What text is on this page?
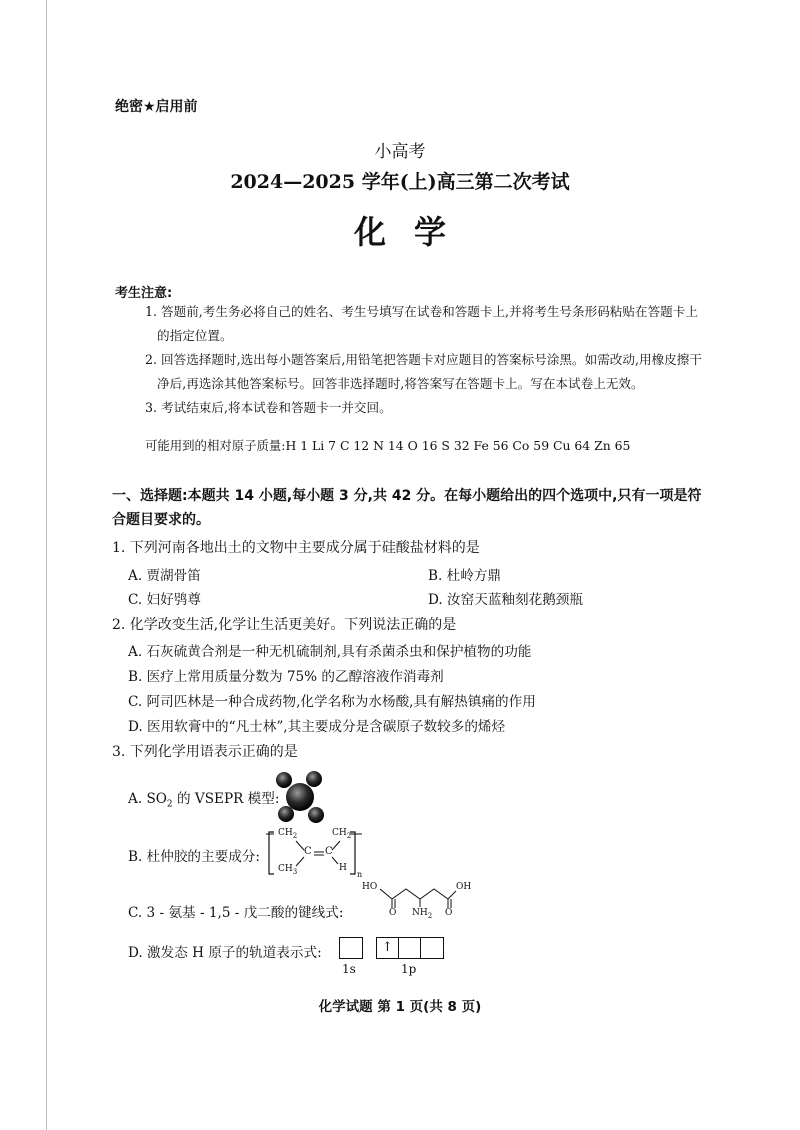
绝密★启用前
小高考
2024—2025 学年(上)高三第二次考试
化学
考生注意:
1. 答题前,考生务必将自己的姓名、考生号填写在试卷和答题卡上,并将考生号条形码粘贴在答题卡上的指定位置。
2. 回答选择题时,选出每小题答案后,用铅笔把答题卡对应题目的答案标号涂黑。如需改动,用橡皮擦干净后,再选涂其他答案标号。回答非选择题时,将答案写在答题卡上。写在本试卷上无效。
3. 考试结束后,将本试卷和答题卡一并交回。
可能用到的相对原子质量:H 1 Li 7 C 12 N 14 O 16 S 32 Fe 56 Co 59 Cu 64 Zn 65
一、选择题:本题共 14 小题,每小题 3 分,共 42 分。在每小题给出的四个选项中,只有一项是符合题目要求的。
1. 下列河南各地出土的文物中主要成分属于硅酸盐材料的是
A. 贾湖骨笛	B. 杜岭方鼎
C. 妇好鸮尊	D. 汝窑天蓝釉刻花鹅颈瓶
2. 化学改变生活,化学让生活更美好。下列说法正确的是
A. 石灰硫黄合剂是一种无机硫制剂,具有杀菌杀虫和保护植物的功能
B. 医疗上常用质量分数为 75% 的乙醇溶液作消毒剂
C. 阿司匹林是一种合成药物,化学名称为水杨酸,具有解热镇痛的作用
D. 医用软膏中的“凡士林”,其主要成分是含碳原子数较多的烯烃
3. 下列化学用语表示正确的是
A. $SO_2$ 的 VSEPR 模型:
B. 杜仲胶的主要成分:
$CH_2$	$CH_2$
C C
$CH_3$	H
n
C. 3 - 氨基 - 1,5 - 戊二酸的键线式:
HO	OH
O	O
$NH_2$
D. 激发态 H 原子的轨道表示式:	↑
1s	1p
化学试题 第 1 页(共 8 页)
